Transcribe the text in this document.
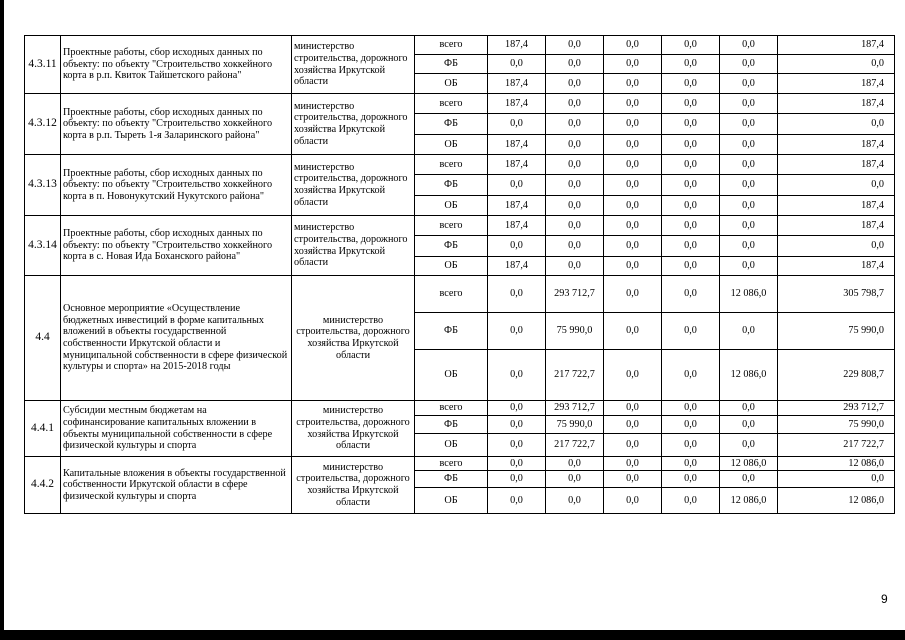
4.3.11	Проектные работы, сбор исходных данных по объекту: по объекту "Строительство хоккейного корта в р.п. Квиток Тайшетского района"	министерство строительства, дорожного хозяйства Иркутской области	всего	187,4	0,0	0,0	0,0	0,0	187,4
			ФБ	0,0	0,0	0,0	0,0	0,0	0,0
			ОБ	187,4	0,0	0,0	0,0	0,0	187,4
4.3.12	Проектные работы, сбор исходных данных по объекту: по объекту "Строительство хоккейного корта в р.п. Тыреть 1-я Заларинского района"	министерство строительства, дорожного хозяйства Иркутской области	всего	187,4	0,0	0,0	0,0	0,0	187,4
			ФБ	0,0	0,0	0,0	0,0	0,0	0,0
			ОБ	187,4	0,0	0,0	0,0	0,0	187,4
4.3.13	Проектные работы, сбор исходных данных по объекту: по объекту "Строительство хоккейного корта в п. Новонукутский Нукутского района"	министерство строительства, дорожного хозяйства Иркутской области	всего	187,4	0,0	0,0	0,0	0,0	187,4
			ФБ	0,0	0,0	0,0	0,0	0,0	0,0
			ОБ	187,4	0,0	0,0	0,0	0,0	187,4
4.3.14	Проектные работы, сбор исходных данных по объекту: по объекту "Строительство хоккейного корта в с. Новая Ида Боханского района"	министерство строительства, дорожного хозяйства Иркутской области	всего	187,4	0,0	0,0	0,0	0,0	187,4
			ФБ	0,0	0,0	0,0	0,0	0,0	0,0
			ОБ	187,4	0,0	0,0	0,0	0,0	187,4
4.4	Основное мероприятие «Осуществление бюджетных инвестиций в форме капитальных вложений в объекты государственной собственности Иркутской области и муниципальной собственности в сфере физической культуры и спорта» на 2015-2018 годы	министерство строительства, дорожного хозяйства Иркутской области	всего	0,0	293 712,7	0,0	0,0	12 086,0	305 798,7
			ФБ	0,0	75 990,0	0,0	0,0	0,0	75 990,0
			ОБ	0,0	217 722,7	0,0	0,0	12 086,0	229 808,7
4.4.1	Субсидии местным бюджетам на софинансирование капитальных вложении в объекты муниципальной собственности в сфере физической культуры и спорта	министерство строительства, дорожного хозяйства Иркутской области	всего	0,0	293 712,7	0,0	0,0	0,0	293 712,7
			ФБ	0,0	75 990,0	0,0	0,0	0,0	75 990,0
			ОБ	0,0	217 722,7	0,0	0,0	0,0	217 722,7
4.4.2	Капитальные вложения в объекты государственной собственности Иркутской области в сфере физической культуры и спорта	министерство строительства, дорожного хозяйства Иркутской области	всего	0,0	0,0	0,0	0,0	12 086,0	12 086,0
			ФБ	0,0	0,0	0,0	0,0	0,0	0,0
			ОБ	0,0	0,0	0,0	0,0	12 086,0	12 086,0
9
